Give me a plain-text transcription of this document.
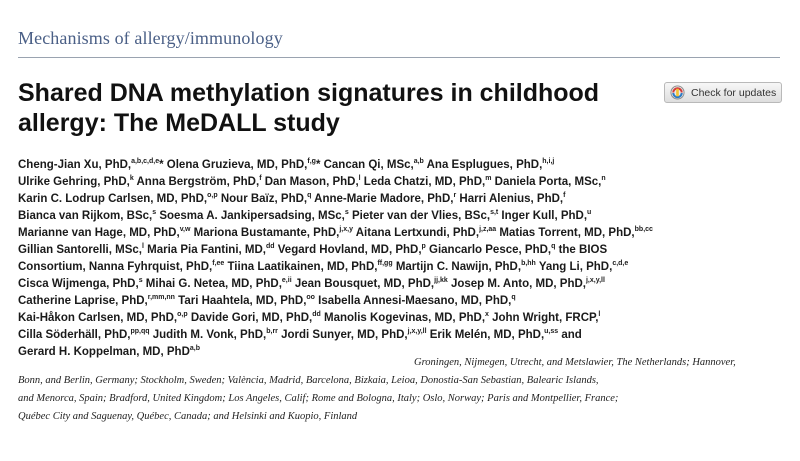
Mechanisms of allergy/immunology
Shared DNA methylation signatures in childhood
allergy: The MeDALL study
Check for updates
Cheng-Jian Xu, PhD,$^{a,b,c,d,e}$* Olena Gruzieva, MD, PhD,$^{f,g}$* Cancan Qi, MSc,$^{a,b}$ Ana Esplugues, PhD,$^{h,i,j}$
Ulrike Gehring, PhD,$^k$ Anna Bergström, PhD,$^f$ Dan Mason, PhD,$^l$ Leda Chatzi, MD, PhD,$^m$ Daniela Porta, MSc,$^n$
Karin C. Lodrup Carlsen, MD, PhD,$^{o,p}$ Nour Baïz, PhD,$^q$ Anne-Marie Madore, PhD,$^r$ Harri Alenius, PhD,$^f$
Bianca van Rijkom, BSc,$^s$ Soesma A. Jankipersadsing, MSc,$^s$ Pieter van der Vlies, BSc,$^{s,t}$ Inger Kull, PhD,$^u$
Marianne van Hage, MD, PhD,$^{v,w}$ Mariona Bustamante, PhD,$^{j,x,y}$ Aitana Lertxundi, PhD,$^{j,z,aa}$ Matias Torrent, MD, PhD,$^{bb,cc}$
Gillian Santorelli, MSc,$^l$ Maria Pia Fantini, MD,$^{dd}$ Vegard Hovland, MD, PhD,$^p$ Giancarlo Pesce, PhD,$^q$ the BIOS
Consortium, Nanna Fyhrquist, PhD,$^{f,ee}$ Tiina Laatikainen, MD, PhD,$^{ff,gg}$ Martijn C. Nawijn, PhD,$^{b,hh}$ Yang Li, PhD,$^{c,d,e}$
Cisca Wijmenga, PhD,$^s$ Mihai G. Netea, MD, PhD,$^{e,ii}$ Jean Bousquet, MD, PhD,$^{jj,kk}$ Josep M. Anto, MD, PhD,$^{j,x,y,ll}$
Catherine Laprise, PhD,$^{r,mm,nn}$ Tari Haahtela, MD, PhD,$^{oo}$ Isabella Annesi-Maesano, MD, PhD,$^q$
Kai-Håkon Carlsen, MD, PhD,$^{o,p}$ Davide Gori, MD, PhD,$^{dd}$ Manolis Kogevinas, MD, PhD,$^x$ John Wright, FRCP,$^l$
Cilla Söderhäll, PhD,$^{pp,qq}$ Judith M. Vonk, PhD,$^{b,rr}$ Jordi Sunyer, MD, PhD,$^{j,x,y,ll}$ Erik Melén, MD, PhD,$^{u,ss}$ and
Gerard H. Koppelman, MD, PhD$^{a,b}$
Groningen, Nijmegen, Utrecht, and Metslawier, The Netherlands; Hannover,
Bonn, and Berlin, Germany; Stockholm, Sweden; València, Madrid, Barcelona, Bizkaia, Leioa, Donostia-San Sebastian, Balearic Islands,
and Menorca, Spain; Bradford, United Kingdom; Los Angeles, Calif; Rome and Bologna, Italy; Oslo, Norway; Paris and Montpellier, France;
Québec City and Saguenay, Québec, Canada; and Helsinki and Kuopio, Finland
